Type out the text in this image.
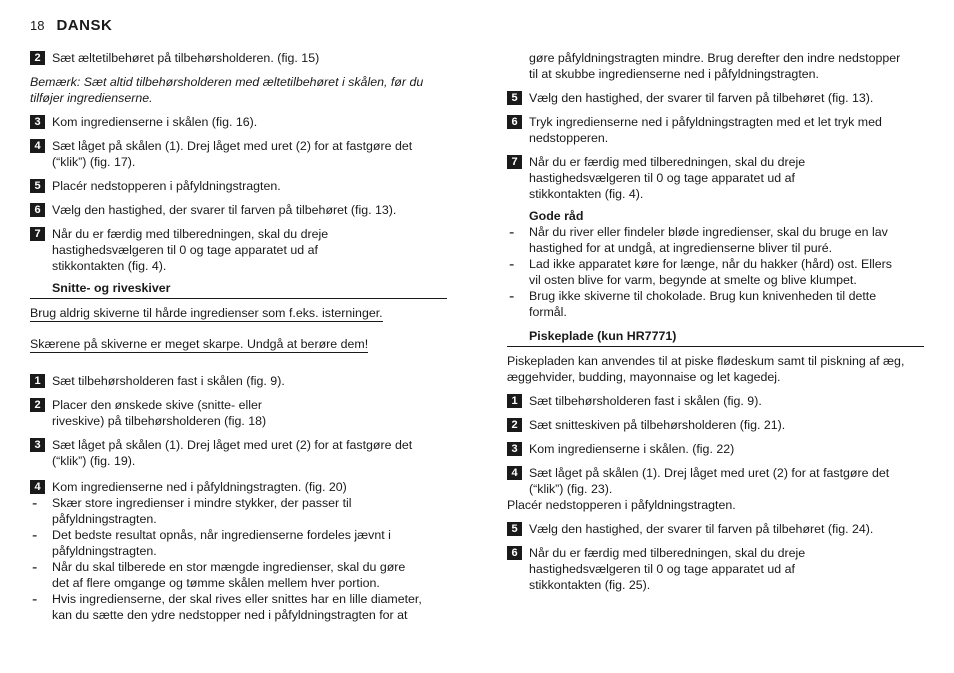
18 DANSK
2 Sæt æltetilbehøret på tilbehørsholderen. (fig. 15)
Bemærk: Sæt altid tilbehørsholderen med æltetilbehøret i skålen, før du
tilføjer ingredienserne.
3 Kom ingredienserne i skålen (fig. 16).
4 Sæt låget på skålen (1). Drej låget med uret (2) for at fastgøre det
(“klik”) (fig. 17).
5 Placér nedstopperen i påfyldningstragten.
6 Vælg den hastighed, der svarer til farven på tilbehøret (fig. 13).
7 Når du er færdig med tilberedningen, skal du dreje
hastighedsvælgeren til 0 og tage apparatet ud af
stikkontakten (fig. 4).
Snitte- og riveskiver
Brug aldrig skiverne til hårde ingredienser som f.eks. isterninger.
Skærene på skiverne er meget skarpe. Undgå at berøre dem!
1 Sæt tilbehørsholderen fast i skålen (fig. 9).
2 Placer den ønskede skive (snitte- eller
riveskive) på tilbehørsholderen (fig. 18)
3 Sæt låget på skålen (1). Drej låget med uret (2) for at fastgøre det
(“klik”) (fig. 19).
4 Kom ingredienserne ned i påfyldningstragten. (fig. 20)
- Skær store ingredienser i mindre stykker, der passer til
påfyldningstragten.
- Det bedste resultat opnås, når ingredienserne fordeles jævnt i
påfyldningstragten.
- Når du skal tilberede en stor mængde ingredienser, skal du gøre
det af flere omgange og tømme skålen mellem hver portion.
- Hvis ingredienserne, der skal rives eller snittes har en lille diameter,
kan du sætte den ydre nedstopper ned i påfyldningstragten for at
gøre påfyldningstragten mindre. Brug derefter den indre nedstopper
til at skubbe ingredienserne ned i påfyldningstragten.
5 Vælg den hastighed, der svarer til farven på tilbehøret (fig. 13).
6 Tryk ingredienserne ned i påfyldningstragten med et let tryk med
nedstopperen.
7 Når du er færdig med tilberedningen, skal du dreje
hastighedsvælgeren til 0 og tage apparatet ud af
stikkontakten (fig. 4).
Gode råd
- Når du river eller findeler bløde ingredienser, skal du bruge en lav
hastighed for at undgå, at ingredienserne bliver til puré.
- Lad ikke apparatet køre for længe, når du hakker (hård) ost. Ellers
vil osten blive for varm, begynde at smelte og blive klumpet.
- Brug ikke skiverne til chokolade. Brug kun knivenheden til dette
formål.
Piskeplade (kun HR7771)
Piskepladen kan anvendes til at piske flødeskum samt til piskning af æg,
æggehvider, budding, mayonnaise og let kagedej.
1 Sæt tilbehørsholderen fast i skålen (fig. 9).
2 Sæt snitteskiven på tilbehørsholderen (fig. 21).
3 Kom ingredienserne i skålen. (fig. 22)
4 Sæt låget på skålen (1). Drej låget med uret (2) for at fastgøre det
(“klik”) (fig. 23).
Placér nedstopperen i påfyldningstragten.
5 Vælg den hastighed, der svarer til farven på tilbehøret (fig. 24).
6 Når du er færdig med tilberedningen, skal du dreje
hastighedsvælgeren til 0 og tage apparatet ud af
stikkontakten (fig. 25).
